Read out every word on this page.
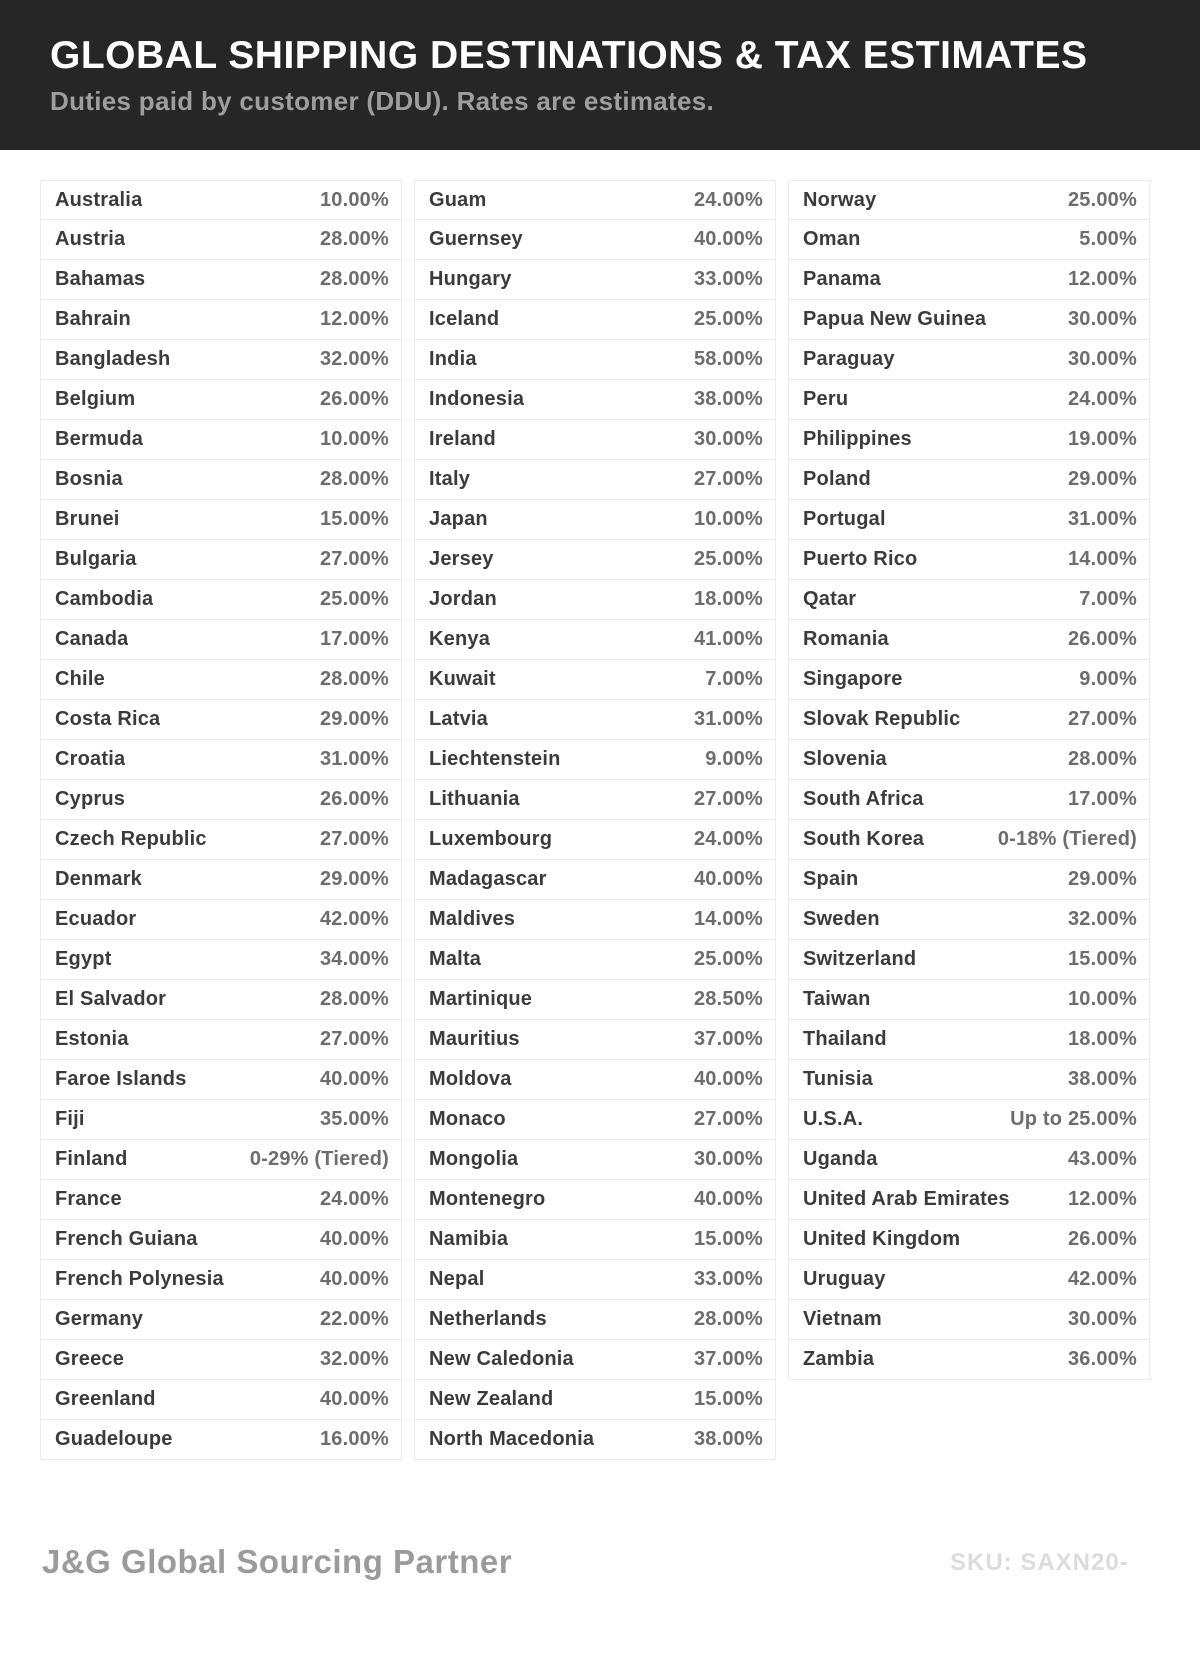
GLOBAL SHIPPING DESTINATIONS & TAX ESTIMATES
Duties paid by customer (DDU). Rates are estimates.
Australia	10.00%
Austria	28.00%
Bahamas	28.00%
Bahrain	12.00%
Bangladesh	32.00%
Belgium	26.00%
Bermuda	10.00%
Bosnia	28.00%
Brunei	15.00%
Bulgaria	27.00%
Cambodia	25.00%
Canada	17.00%
Chile	28.00%
Costa Rica	29.00%
Croatia	31.00%
Cyprus	26.00%
Czech Republic	27.00%
Denmark	29.00%
Ecuador	42.00%
Egypt	34.00%
El Salvador	28.00%
Estonia	27.00%
Faroe Islands	40.00%
Fiji	35.00%
Finland	0-29% (Tiered)
France	24.00%
French Guiana	40.00%
French Polynesia	40.00%
Germany	22.00%
Greece	32.00%
Greenland	40.00%
Guadeloupe	16.00%
Guam	24.00%
Guernsey	40.00%
Hungary	33.00%
Iceland	25.00%
India	58.00%
Indonesia	38.00%
Ireland	30.00%
Italy	27.00%
Japan	10.00%
Jersey	25.00%
Jordan	18.00%
Kenya	41.00%
Kuwait	7.00%
Latvia	31.00%
Liechtenstein	9.00%
Lithuania	27.00%
Luxembourg	24.00%
Madagascar	40.00%
Maldives	14.00%
Malta	25.00%
Martinique	28.50%
Mauritius	37.00%
Moldova	40.00%
Monaco	27.00%
Mongolia	30.00%
Montenegro	40.00%
Namibia	15.00%
Nepal	33.00%
Netherlands	28.00%
New Caledonia	37.00%
New Zealand	15.00%
North Macedonia	38.00%
Norway	25.00%
Oman	5.00%
Panama	12.00%
Papua New Guinea	30.00%
Paraguay	30.00%
Peru	24.00%
Philippines	19.00%
Poland	29.00%
Portugal	31.00%
Puerto Rico	14.00%
Qatar	7.00%
Romania	26.00%
Singapore	9.00%
Slovak Republic	27.00%
Slovenia	28.00%
South Africa	17.00%
South Korea	0-18% (Tiered)
Spain	29.00%
Sweden	32.00%
Switzerland	15.00%
Taiwan	10.00%
Thailand	18.00%
Tunisia	38.00%
U.S.A.	Up to 25.00%
Uganda	43.00%
United Arab Emirates	12.00%
United Kingdom	26.00%
Uruguay	42.00%
Vietnam	30.00%
Zambia	36.00%
J&G Global Sourcing Partner	SKU: SAXN20-
